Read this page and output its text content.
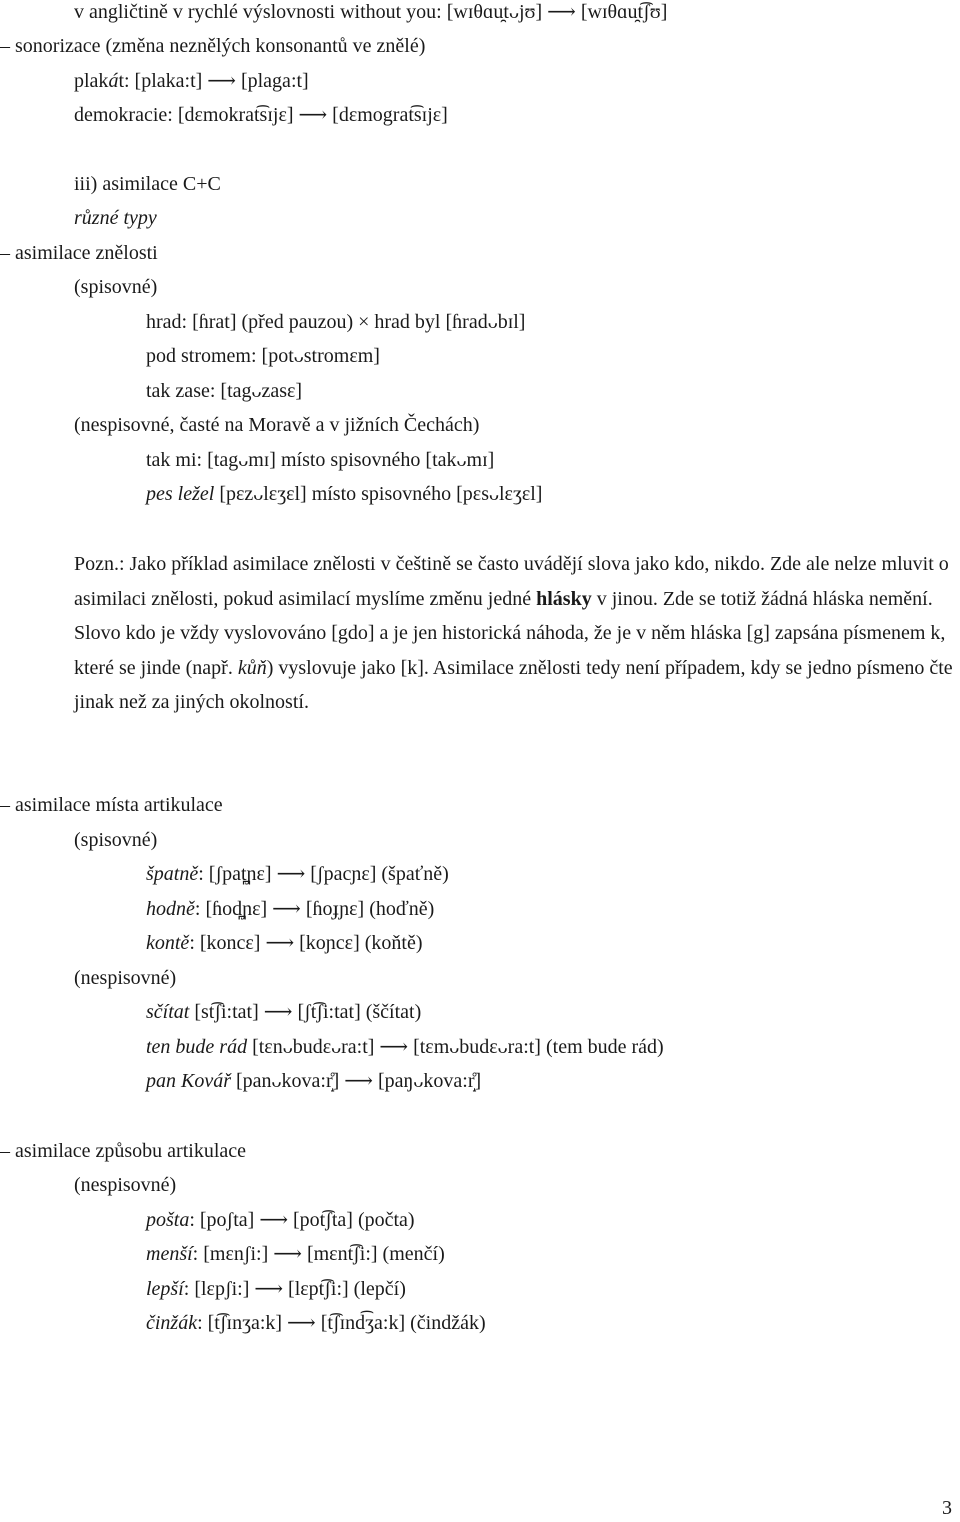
v angličtině v rychlé výslovnosti without you: [wɪθɑu̯tᴗjʊ] ⟶ [wɪθɑu̯t͡ʃʊ]
– sonorizace (změna neznělých konsonantů ve znělé)
plakát: [plaka:t] ⟶ [plaga:t]
demokracie: [dɛmokrat͡sɪjɛ] ⟶ [dɛmograt͡sɪjɛ]
iii) asimilace C+C
různé typy
– asimilace znělosti
(spisovné)
hrad: [ɦrat] (před pauzou) × hrad byl [ɦradᴗbɪl]
pod stromem: [potᴗstromɛm]
tak zase: [tagᴗzasɛ]
(nespisovné, časté na Moravě a v jižních Čechách)
tak mi: [tagᴗmɪ] místo spisovného [takᴗmɪ]
pes ležel [pɛzᴗlɛʒɛl] místo spisovného [pɛsᴗlɛʒɛl]
Pozn.: Jako příklad asimilace znělosti v češtině se často uvádějí slova jako kdo, nikdo. Zde ale nelze mluvit o asimilaci znělosti, pokud asimilací myslíme změnu jedné hlásky v jinou. Zde se totiž žádná hláska nemění. Slovo kdo je vždy vyslovováno [gdo] a je jen historická náhoda, že je v něm hláska [g] zapsána písmenem k, které se jinde (např. kůň) vyslovuje jako [k]. Asimilace znělosti tedy není případem, kdy se jedno písmeno čte jinak než za jiných okolností.
– asimilace místa artikulace
(spisovné)
špatně: [ʃpat̪ɲɛ] ⟶ [ʃpacɲɛ] (špaťně)
hodně: [ɦod̪ɲɛ] ⟶ [ɦoɟɲɛ] (hoďně)
kontě: [koncɛ] ⟶ [koɲcɛ] (koňtě)
(nespisovné)
sčítat [st͡ʃi:tat] ⟶ [ʃt͡ʃi:tat] (ščítat)
ten bude rád [tɛnᴗbudɛᴗra:t] ⟶ [tɛmᴗbudɛᴗra:t] (tem bude rád)
pan Kovář [panᴗkova:r̝̊] ⟶ [paŋᴗkova:r̝̊]
– asimilace způsobu artikulace
(nespisovné)
pošta: [poʃta] ⟶ [pot͡ʃta] (počta)
menší: [mɛnʃi:] ⟶ [mɛnt͡ʃi:] (menčí)
lepší: [lɛpʃi:] ⟶ [lɛpt͡ʃi:] (lepčí)
činžák: [t͡ʃɪnʒa:k] ⟶ [t͡ʃɪnd͡ʒa:k] (čindžák)
3
